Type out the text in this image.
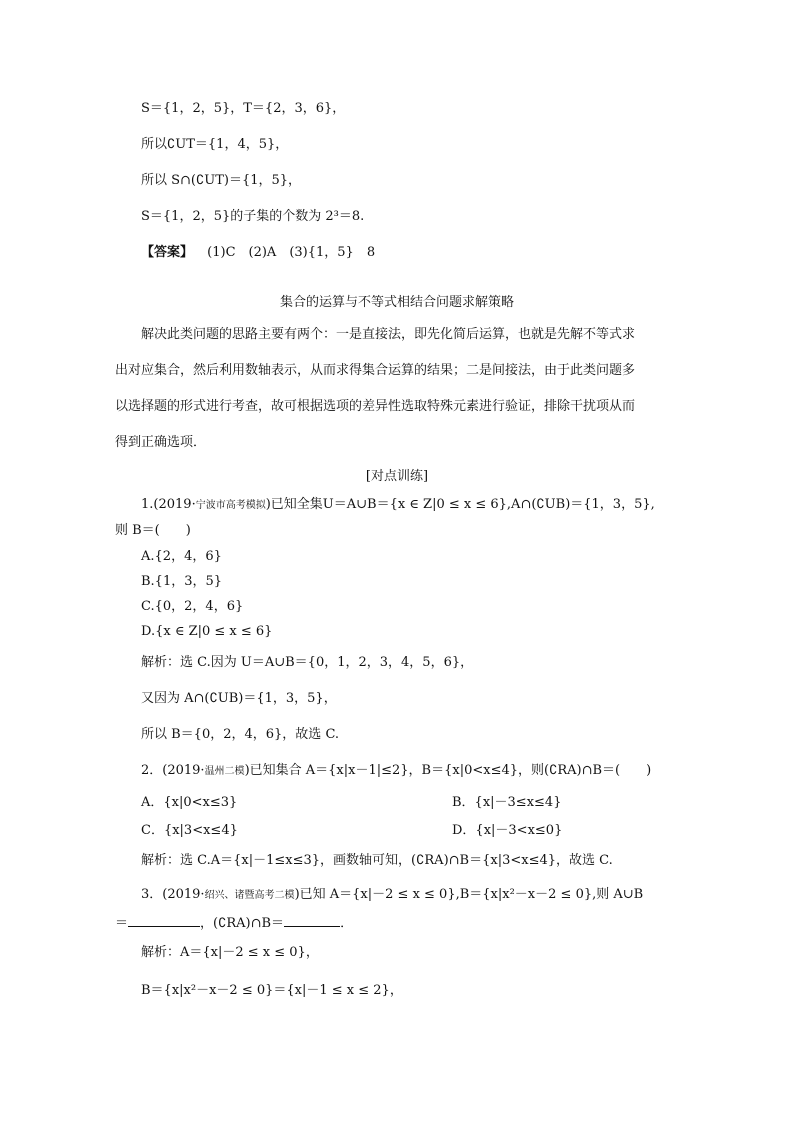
S＝{1，2，5}，T＝{2，3，6}，
所以∁UT＝{1，4，5}，
所以 S∩(∁UT)＝{1，5}，
S＝{1，2，5}的子集的个数为 2³＝8.
【答案】 (1)C　(2)A　(3){1，5}　8
集合的运算与不等式相结合问题求解策略
解决此类问题的思路主要有两个：一是直接法，即先化简后运算，也就是先解不等式求
出对应集合，然后利用数轴表示，从而求得集合运算的结果；二是间接法，由于此类问题多
以选择题的形式进行考查，故可根据选项的差异性选取特殊元素进行验证，排除干扰项从而
得到正确选项．
[对点训练]
1.(2019·宁波市高考模拟)已知全集U＝A∪B＝{x ∈ Z|0 ≤ x ≤ 6},A∩(∁UB)＝{1，3，5},
则 B＝(　　)
A.{2，4，6}
B.{1，3，5}
C.{0，2，4，6}
D.{x ∈ Z|0 ≤ x ≤ 6}
解析：选 C.因为 U＝A∪B＝{0，1，2，3，4，5，6}，
又因为 A∩(∁UB)＝{1，3，5}，
所以 B＝{0，2，4，6}，故选 C.
2．(2019·温州二模)已知集合 A＝{x|x－1|≤2}，B＝{x|0<x≤4}，则(∁RA)∩B＝(　　)
A．{x|0<x≤3}	B．{x|－3≤x≤4}
C．{x|3<x≤4}	D．{x|－3<x≤0}
解析：选 C.A＝{x|－1≤x≤3}，画数轴可知，(∁RA)∩B＝{x|3<x≤4}，故选 C.
3．(2019·绍兴、诸暨高考二模)已知 A＝{x|－2 ≤ x ≤ 0},B＝{x|x²－x－2 ≤ 0},则 A∪B
＝	，(∁RA)∩B＝	．
解析：A＝{x|－2 ≤ x ≤ 0}，
B＝{x|x²－x－2 ≤ 0}＝{x|－1 ≤ x ≤ 2}，
